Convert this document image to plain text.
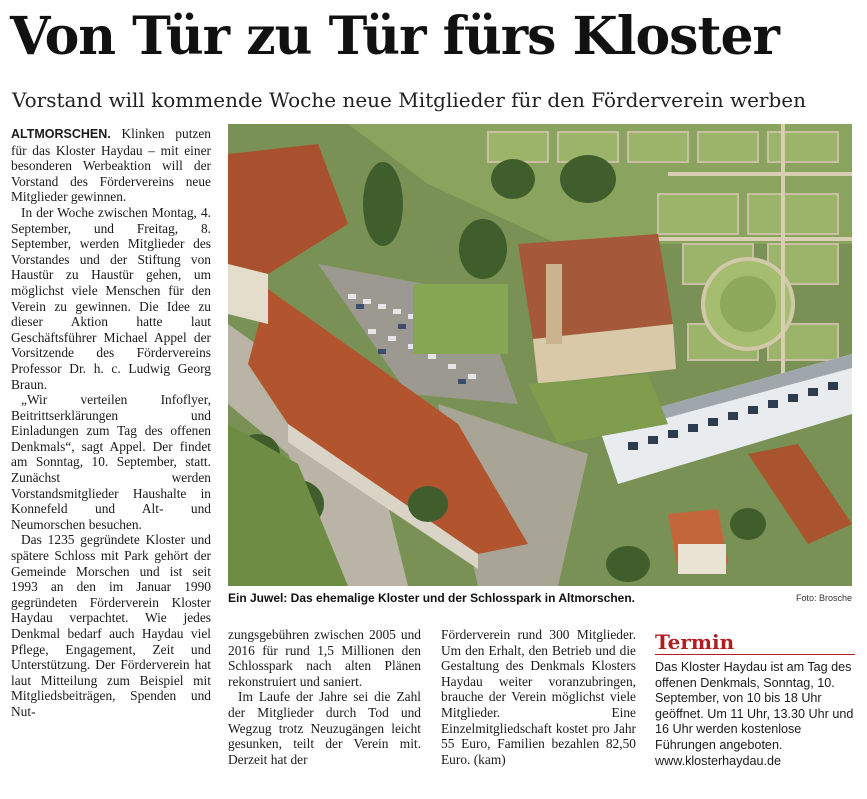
Von Tür zu Tür fürs Kloster
Vorstand will kommende Woche neue Mitglieder für den Förderverein werben

ALTMORSCHEN. Klinken putzen für das Kloster Haydau – mit einer besonderen Werbeaktion will der Vorstand des Fördervereins neue Mitglieder gewinnen.

In der Woche zwischen Montag, 4. September, und Freitag, 8. September, werden Mitglieder des Vorstandes und der Stiftung von Haustür zu Haustür gehen, um möglichst viele Menschen für den Verein zu gewinnen. Die Idee zu dieser Aktion hatte laut Geschäftsführer Michael Appel der Vorsitzende des Fördervereins Professor Dr. h. c. Ludwig Georg Braun.

„Wir verteilen Infoflyer, Beitrittserklärungen und Einladungen zum Tag des offenen Denkmals“, sagt Appel. Der findet am Sonntag, 10. September, statt. Zunächst werden Vorstandsmitglieder Haushalte in Konnefeld und Alt- und Neumorschen besuchen.

Das 1235 gegründete Kloster und spätere Schloss mit Park gehört der Gemeinde Morschen und ist seit 1993 an den im Januar 1990 gegründeten Förderverein Kloster Haydau verpachtet. Wie jedes Denkmal bedarf auch Haydau viel Pflege, Engagement, Zeit und Unterstützung. Der Förderverein hat laut Mitteilung zum Beispiel mit Mitgliedsbeiträgen, Spenden und Nut-

Ein Juwel: Das ehemalige Kloster und der Schlosspark in Altmorschen.	Foto: Brosche

zungsgebühren zwischen 2005 und 2016 für rund 1,5 Millionen den Schlosspark nach alten Plänen rekonstruiert und saniert.

Im Laufe der Jahre sei die Zahl der Mitglieder durch Tod und Wegzug trotz Neuzugängen leicht gesunken, teilt der Verein mit. Derzeit hat der

Förderverein rund 300 Mitglieder. Um den Erhalt, den Betrieb und die Gestaltung des Denkmals Klosters Haydau weiter voranzubringen, brauche der Verein möglichst viele Mitglieder. Eine Einzelmitgliedschaft kostet pro Jahr 55 Euro, Familien bezahlen 82,50 Euro. (kam)

Termin
Das Kloster Haydau ist am Tag des offenen Denkmals, Sonntag, 10. September, von 10 bis 18 Uhr geöffnet. Um 11 Uhr, 13.30 Uhr und 16 Uhr werden kostenlose Führungen angeboten. www.klosterhaydau.de
